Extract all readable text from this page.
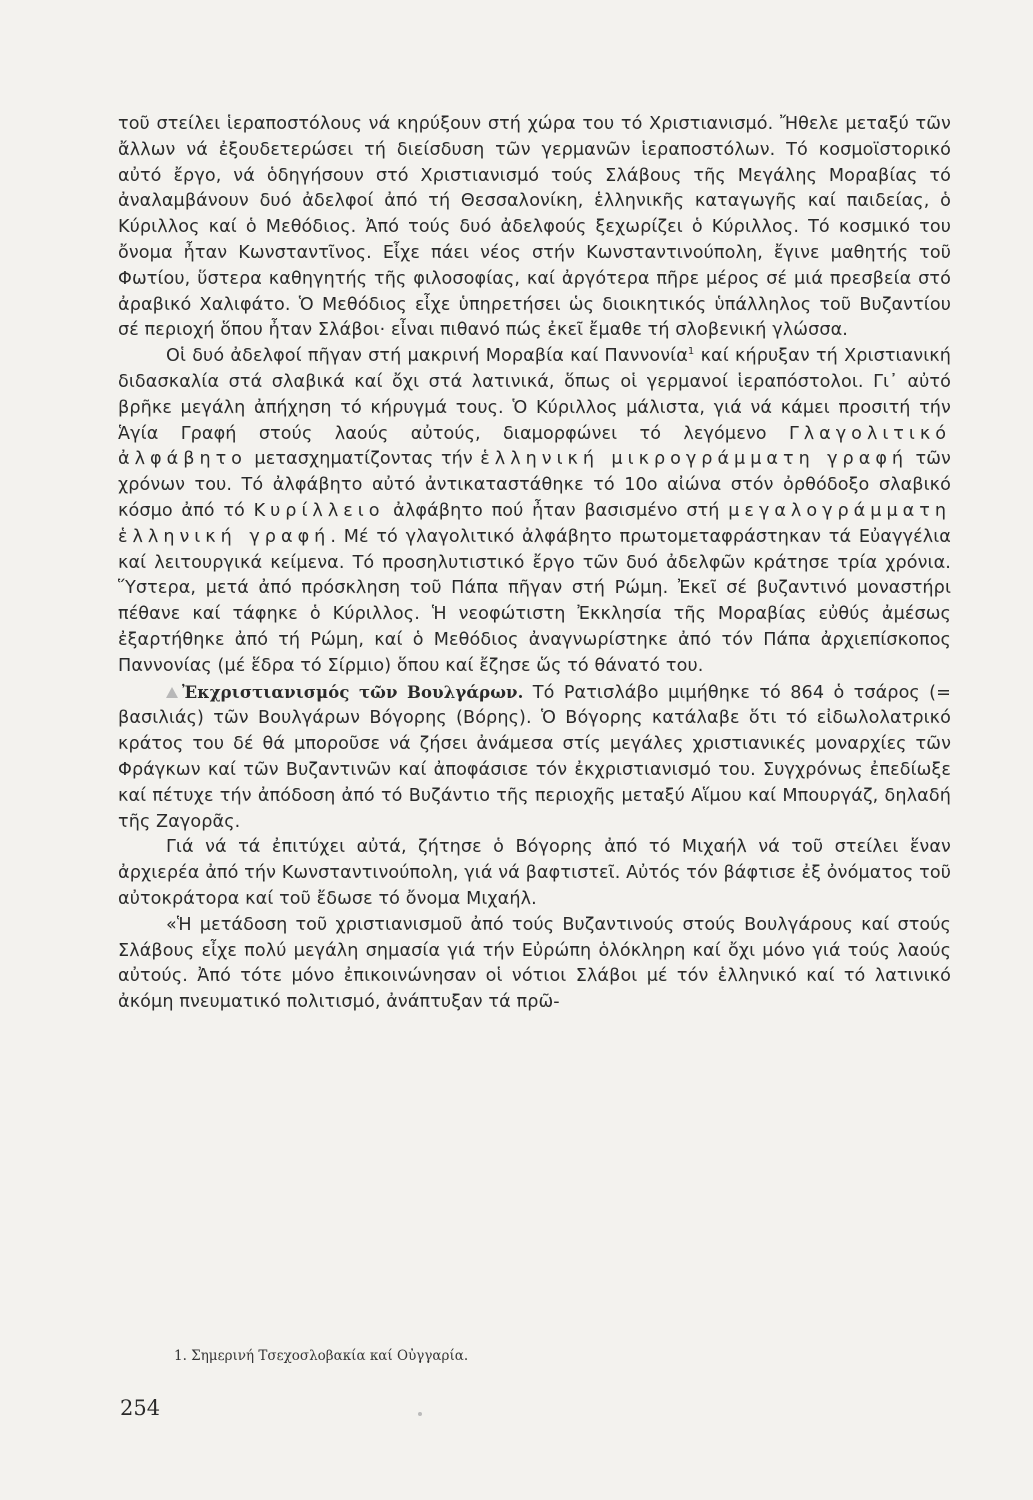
τοῦ στείλει ἱεραποστόλους νά κηρύξουν στή χώρα του τό Χριστιανισμό. Ἤθελε μεταξύ τῶν ἄλλων νά ἐξουδετερώσει τή διείσδυση τῶν γερμανῶν ἱεραποστόλων. Τό κοσμοϊστορικό αὐτό ἔργο, νά ὁδηγήσουν στό Χριστιανισμό τούς Σλάβους τῆς Μεγάλης Μοραβίας τό ἀναλαμβάνουν δυό ἀδελφοί ἀπό τή Θεσσαλονίκη, ἑλληνικῆς καταγωγῆς καί παιδείας, ὁ Κύριλλος καί ὁ Μεθόδιος. Ἀπό τούς δυό ἀδελφούς ξεχωρίζει ὁ Κύριλλος. Τό κοσμικό του ὄνομα ἦταν Κωνσταντῖνος. Εἶχε πάει νέος στήν Κωνσταντινούπολη, ἔγινε μαθητής τοῦ Φωτίου, ὕστερα καθηγητής τῆς φιλοσοφίας, καί ἀργότερα πῆρε μέρος σέ μιά πρεσβεία στό ἀραβικό Χαλιφάτο. Ὁ Μεθόδιος εἶχε ὑπηρετήσει ὡς διοικητικός ὑπάλληλος τοῦ Βυζαντίου σέ περιοχή ὅπου ἦταν Σλάβοι· εἶναι πιθανό πώς ἐκεῖ ἔμαθε τή σλοβενική γλώσσα.

Οἱ δυό ἀδελφοί πῆγαν στή μακρινή Μοραβία καί Παννονία$^1$ καί κήρυξαν τή Χριστιανική διδασκαλία στά σλαβικά καί ὄχι στά λατινικά, ὅπως οἱ γερμανοί ἱεραπόστολοι. Γι᾽ αὐτό βρῆκε μεγάλη ἀπήχηση τό κήρυγμά τους. Ὁ Κύριλλος μάλιστα, γιά νά κάμει προσιτή τήν Ἁγία Γραφή στούς λαούς αὐτούς, διαμορφώνει τό λεγόμενο Γλαγολιτικό ἀλφάβητο μετασχηματίζοντας τήν ἑλληνική μικρογράμματη γραφή τῶν χρόνων του. Τό ἀλφάβητο αὐτό ἀντικαταστάθηκε τό 10ο αἰώνα στόν ὀρθόδοξο σλαβικό κόσμο ἀπό τό Κυρίλλειο ἀλφάβητο πού ἦταν βασισμένο στή μεγαλογράμματη ἑλληνική γραφή. Μέ τό γλαγολιτικό ἀλφάβητο πρωτομεταφράστηκαν τά Εὐαγγέλια καί λειτουργικά κείμενα. Τό προσηλυτιστικό ἔργο τῶν δυό ἀδελφῶν κράτησε τρία χρόνια. Ὕστερα, μετά ἀπό πρόσκληση τοῦ Πάπα πῆγαν στή Ρώμη. Ἐκεῖ σέ βυζαντινό μοναστήρι πέθανε καί τάφηκε ὁ Κύριλλος. Ἡ νεοφώτιστη Ἐκκλησία τῆς Μοραβίας εὐθύς ἀμέσως ἐξαρτήθηκε ἀπό τή Ρώμη, καί ὁ Μεθόδιος ἀναγνωρίστηκε ἀπό τόν Πάπα ἀρχιεπίσκοπος Παννονίας (μέ ἕδρα τό Σίρμιο) ὅπου καί ἔζησε ὥς τό θάνατό του.

Ἐκχριστιανισμός τῶν Βουλγάρων. Τό Ρατισλάβο μιμήθηκε τό 864 ὁ τσάρος (= βασιλιάς) τῶν Βουλγάρων Βόγορης (Βόρης). Ὁ Βόγορης κατάλαβε ὅτι τό εἰδωλολατρικό κράτος του δέ θά μποροῦσε νά ζήσει ἀνάμεσα στίς μεγάλες χριστιανικές μοναρχίες τῶν Φράγκων καί τῶν Βυζαντινῶν καί ἀποφάσισε τόν ἐκχριστιανισμό του. Συγχρόνως ἐπεδίωξε καί πέτυχε τήν ἀπόδοση ἀπό τό Βυζάντιο τῆς περιοχῆς μεταξύ Αἵμου καί Μπουργάζ, δηλαδή τῆς Ζαγορᾶς.

Γιά νά τά ἐπιτύχει αὐτά, ζήτησε ὁ Βόγορης ἀπό τό Μιχαήλ νά τοῦ στείλει ἕναν ἀρχιερέα ἀπό τήν Κωνσταντινούπολη, γιά νά βαφτιστεῖ. Αὐτός τόν βάφτισε ἐξ ὀνόματος τοῦ αὐτοκράτορα καί τοῦ ἔδωσε τό ὄνομα Μιχαήλ.

«Ἡ μετάδοση τοῦ χριστιανισμοῦ ἀπό τούς Βυζαντινούς στούς Βουλγάρους καί στούς Σλάβους εἶχε πολύ μεγάλη σημασία γιά τήν Εὐρώπη ὁλόκληρη καί ὄχι μόνο γιά τούς λαούς αὐτούς. Ἀπό τότε μόνο ἐπικοινώνησαν οἱ νότιοι Σλάβοι μέ τόν ἑλληνικό καί τό λατινικό ἀκόμη πνευματικό πολιτισμό, ἀνάπτυξαν τά πρῶ-

1. Σημερινή Τσεχοσλοβακία καί Οὐγγαρία.
254
